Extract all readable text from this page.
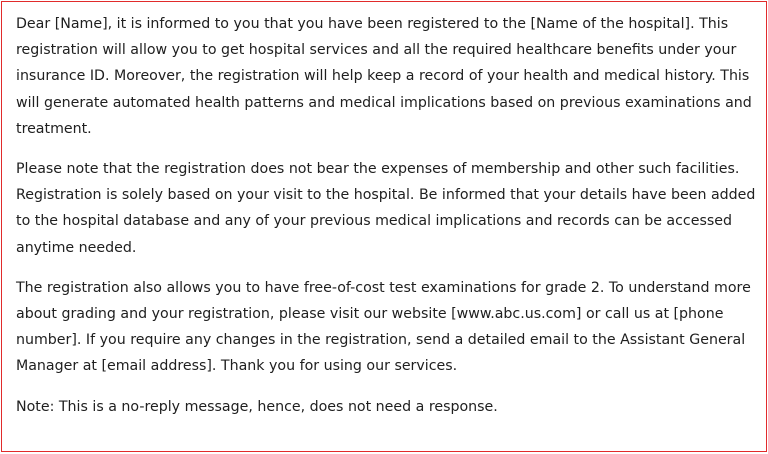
Dear [Name], it is informed to you that you have been registered to the [Name of the hospital]. This registration will allow you to get hospital services and all the required healthcare benefits under your insurance ID. Moreover, the registration will help keep a record of your health and medical history. This will generate automated health patterns and medical implications based on previous examinations and treatment.

Please note that the registration does not bear the expenses of membership and other such facilities. Registration is solely based on your visit to the hospital. Be informed that your details have been added to the hospital database and any of your previous medical implications and records can be accessed anytime needed.

The registration also allows you to have free-of-cost test examinations for grade 2. To understand more about grading and your registration, please visit our website [www.abc.us.com] or call us at [phone number]. If you require any changes in the registration, send a detailed email to the Assistant General Manager at [email address]. Thank you for using our services.

Note: This is a no-reply message, hence, does not need a response.
